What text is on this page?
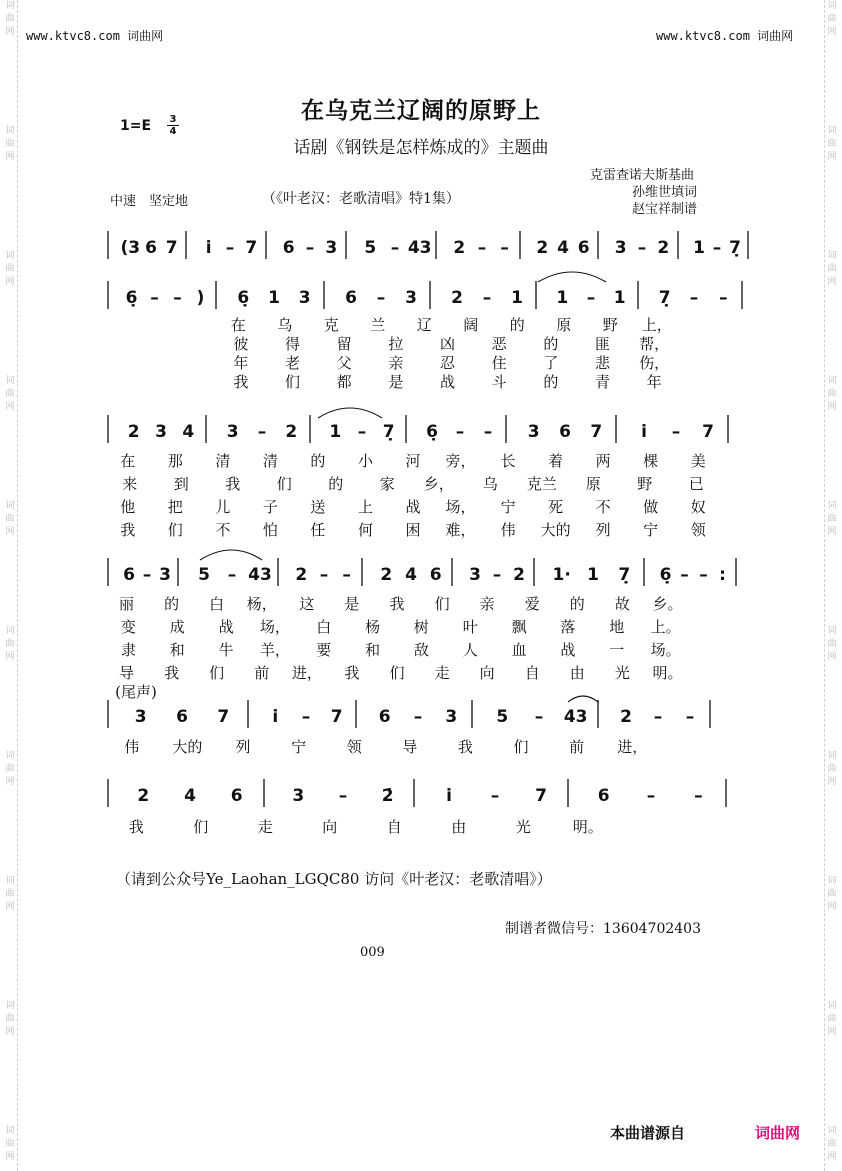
词
曲
网
词
曲
网
词
曲
网
词
曲
网
词
曲
网
词
曲
网
词
曲
网
词
曲
网
词
曲
网
词
曲
网
词
曲
网
词
曲
网
词
曲
网
词
曲
网
词
曲
网
词
曲
网
词
曲
网
词
曲
网
词
曲
网
词
曲
网
www.ktvc8.com 词曲网	www.ktvc8.com 词曲网
1=E 3
4
在乌克兰辽阔的原野上
话剧《钢铁是怎样炼成的》主题曲
克雷查诺夫斯基曲
孙维世填词
赵宝祥制谱
中速　坚定地	（《叶老汉：老歌清唱》特1集）
(3 6 7 i̇ – 7 6 – 3 5 – 43 2 – – 2 4 6 3 – 2 1 – 7̣
6̣ – – ) 6̣ 1 3 6 – 3 2 – 1 1 – 1 7̣ – –
2 3 4 3 – 2 1 – 7̣ 6̣ – – 3 6 7 i̇ – 7
6 – 3 5 – 43 2 – – 2 4 6 3 – 2 1· 1 7̣ 6̣ – – :
3 6 7	i̇ – 7 6 – 3 5 – 43 2 – –
2 4 6	3 – 2̇	i̇ – 7	6 – –
在 乌 克 兰 辽 阔 的 原 野 上，
彼 得 留 拉 凶 恶 的 匪 帮，
年 老 父 亲 忍 住 了 悲 伤，
我 们 都 是 战 斗 的 青 年
在 那 清 清 的 小 河 旁， 长 着 两 棵 美
来 到 我 们 的 家 乡， 乌 克兰 原 野 已
他 把 儿 子 送 上 战 场， 宁 死 不 做 奴
我 们 不 怕 任 何 困 难， 伟 大的 列 宁 领
丽 的 白 杨， 这 是 我 们 亲 爱 的 故 乡。
变 成 战 场， 白 杨 树 叶 飘 落 地 上。
隶 和 牛 羊， 要 和 敌 人 血 战 一 场。
导 我 们 前 进， 我 们 走 向 自 由 光 明。
伟 大的 列	宁	领	导	我	们	前 进，
我	们	走	向	自	由	光	明。
(尾声)
（请到公众号Ye_Laohan_LGQC80 访问《叶老汉：老歌清唱》）
制谱者微信号：13604702403
009
本曲谱源自	词曲网
